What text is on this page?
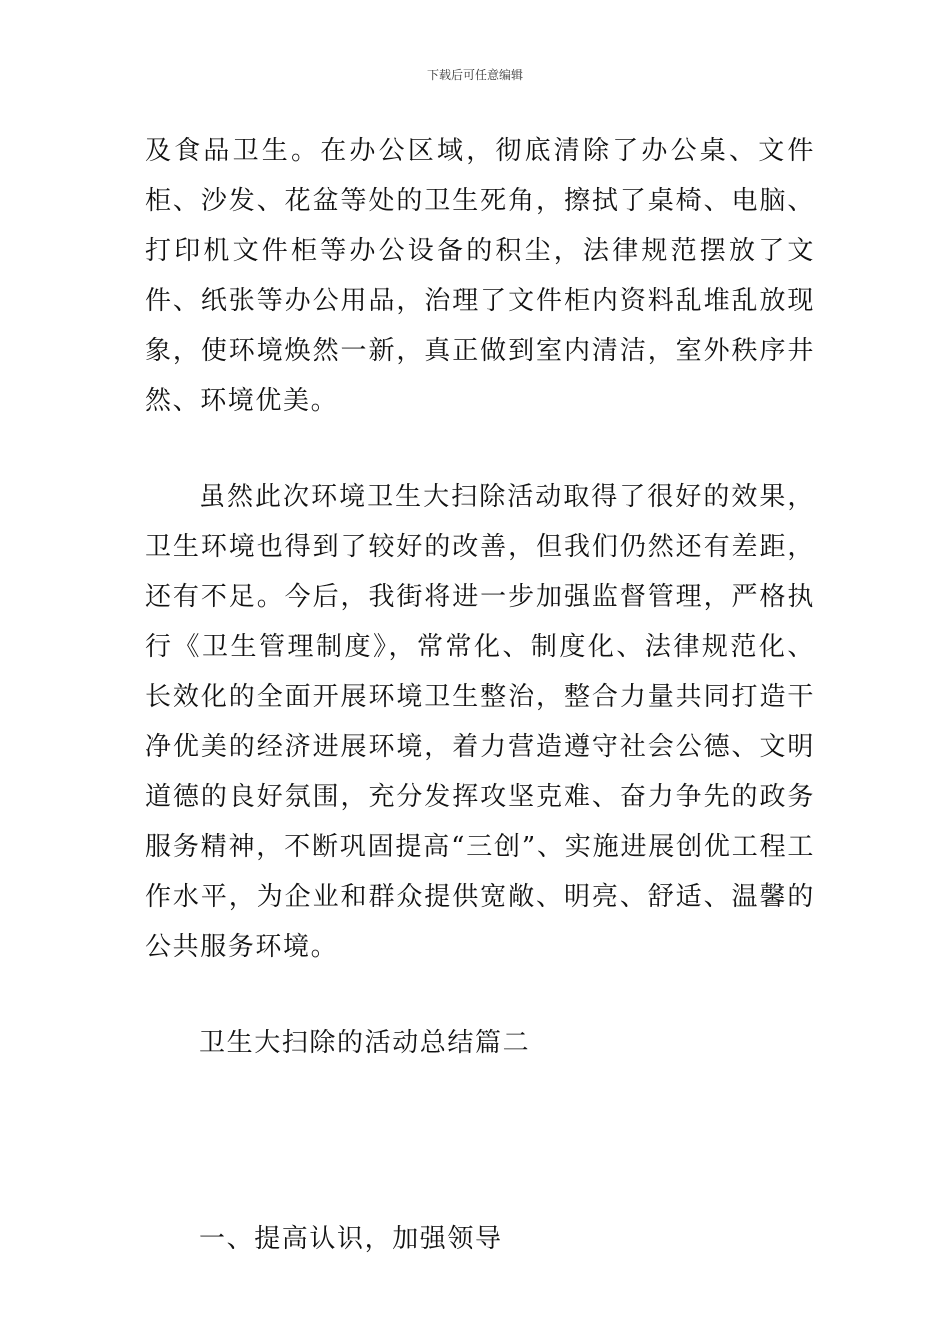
下载后可任意编辑

及食品卫生。在办公区域，彻底清除了办公桌、文件柜、沙发、花盆等处的卫生死角，擦拭了桌椅、电脑、打印机文件柜等办公设备的积尘，法律规范摆放了文件、纸张等办公用品，治理了文件柜内资料乱堆乱放现象，使环境焕然一新，真正做到室内清洁，室外秩序井然、环境优美。

虽然此次环境卫生大扫除活动取得了很好的效果，卫生环境也得到了较好的改善，但我们仍然还有差距，还有不足。今后，我街将进一步加强监督管理，严格执行《卫生管理制度》，常常化、制度化、法律规范化、长效化的全面开展环境卫生整治，整合力量共同打造干净优美的经济进展环境，着力营造遵守社会公德、文明道德的良好氛围，充分发挥攻坚克难、奋力争先的政务服务精神，不断巩固提高“三创”、实施进展创优工程工作水平，为企业和群众提供宽敞、明亮、舒适、温馨的公共服务环境。

卫生大扫除的活动总结篇二

一、提高认识，加强领导
